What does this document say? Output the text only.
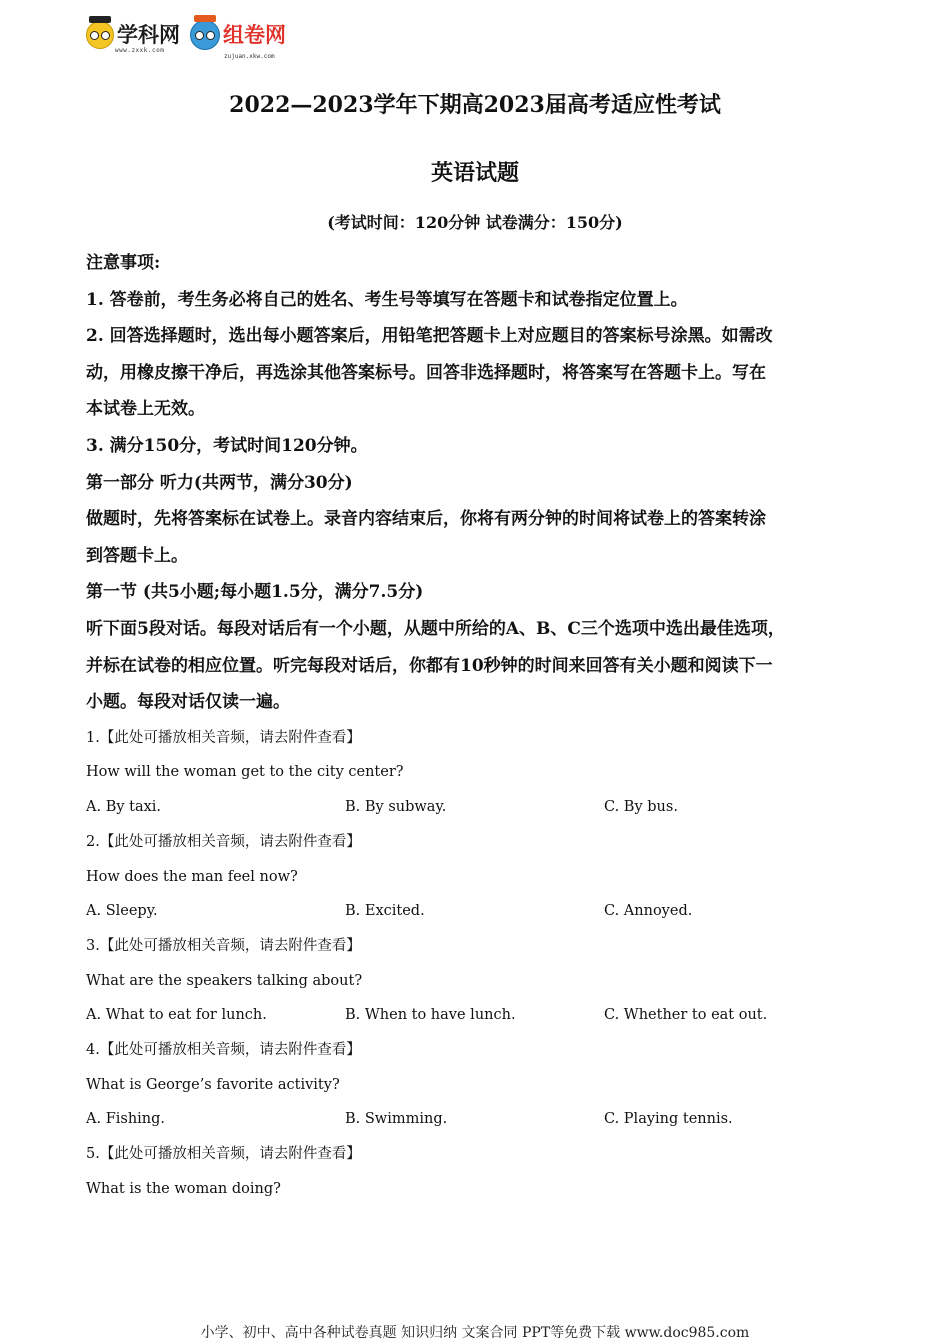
学科网
www.zxxk.com
组卷网
zujuan.xkw.com
2022—2023学年下期高2023届高考适应性考试
英语试题
(考试时间：120分钟 试卷满分：150分)

注意事项:

1. 答卷前，考生务必将自己的姓名、考生号等填写在答题卡和试卷指定位置上。

2. 回答选择题时，选出每小题答案后，用铅笔把答题卡上对应题目的答案标号涂黑。如需改

动，用橡皮擦干净后，再选涂其他答案标号。回答非选择题时，将答案写在答题卡上。写在

本试卷上无效。

3. 满分150分，考试时间120分钟。

第一部分 听力(共两节，满分30分)

做题时，先将答案标在试卷上。录音内容结束后，你将有两分钟的时间将试卷上的答案转涂

到答题卡上。

第一节 (共5小题;每小题1.5分，满分7.5分)

听下面5段对话。每段对话后有一个小题，从题中所给的A、B、C三个选项中选出最佳选项，

并标在试卷的相应位置。听完每段对话后，你都有10秒钟的时间来回答有关小题和阅读下一

小题。每段对话仅读一遍。

1.【此处可播放相关音频，请去附件查看】

How will the woman get to the city center?

A. By taxi.	B. By subway.	C. By bus.

2.【此处可播放相关音频，请去附件查看】

How does the man feel now?

A. Sleepy.	B. Excited.	C. Annoyed.

3.【此处可播放相关音频，请去附件查看】

What are the speakers talking about?

A. What to eat for lunch.	B. When to have lunch.	C. Whether to eat out.

4.【此处可播放相关音频，请去附件查看】

What is George’s favorite activity?

A. Fishing.	B. Swimming.	C. Playing tennis.

5.【此处可播放相关音频，请去附件查看】

What is the woman doing?

小学、初中、高中各种试卷真题 知识归纳 文案合同 PPT等免费下载 www.doc985.com
